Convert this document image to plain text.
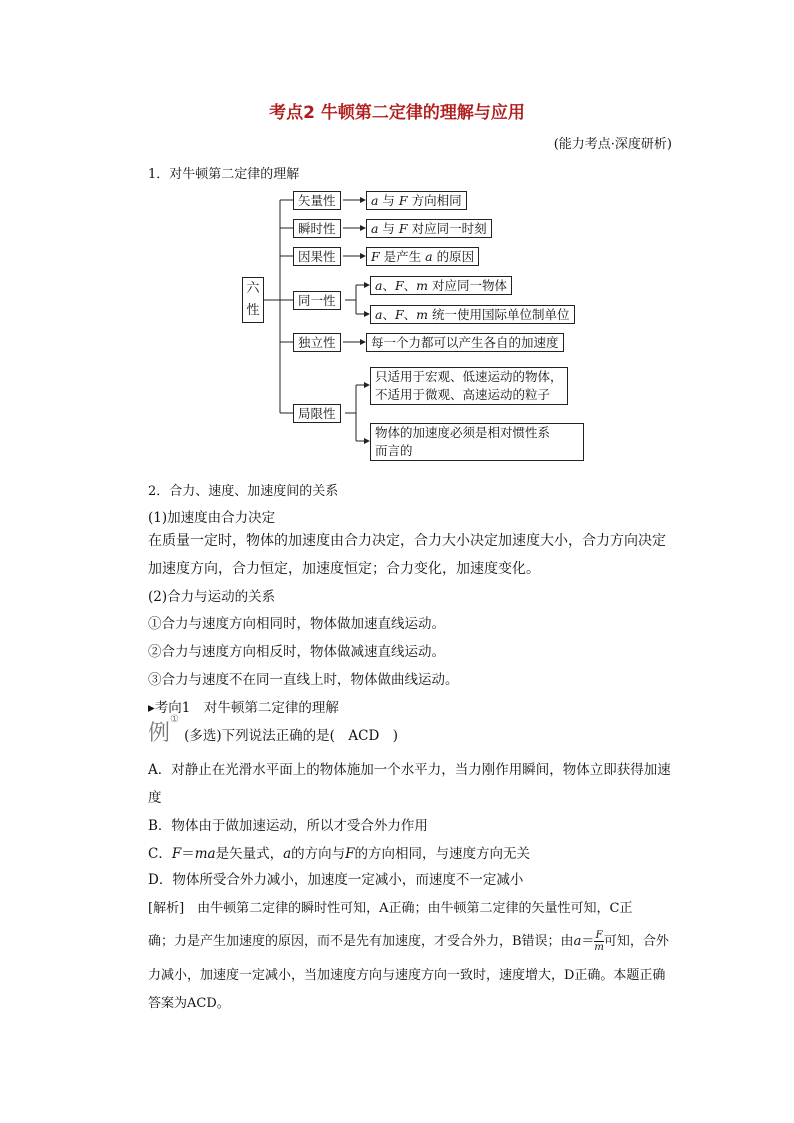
考点2 牛顿第二定律的理解与应用
(能力考点·深度研析)
1．对牛顿第二定律的理解
六
性
矢量性
瞬时性
因果性
同一性
独立性
局限性
a 与 F 方向相同
a 与 F 对应同一时刻
F 是产生 a 的原因
a、F、m 对应同一物体
a、F、m 统一使用国际单位制单位
每一个力都可以产生各自的加速度
只适用于宏观、低速运动的物体，
不适用于微观、高速运动的粒子
物体的加速度必须是相对惯性系
而言的
2．合力、速度、加速度间的关系
(1)加速度由合力决定
在质量一定时，物体的加速度由合力决定，合力大小决定加速度大小，合力方向决定加速度方向，合力恒定，加速度恒定；合力变化，加速度变化。
(2)合力与运动的关系
①合力与速度方向相同时，物体做加速直线运动。
②合力与速度方向相反时，物体做减速直线运动。
③合力与速度不在同一直线上时，物体做曲线运动。
▸考向1　对牛顿第二定律的理解
例① (多选)下列说法正确的是(　ACD　)
A．对静止在光滑水平面上的物体施加一个水平力，当力刚作用瞬间，物体立即获得加速度
B．物体由于做加速运动，所以才受合外力作用
C．F＝ma是矢量式，a的方向与F的方向相同，与速度方向无关
D．物体所受合外力减小，加速度一定减小，而速度不一定减小
[解析]　由牛顿第二定律的瞬时性可知，A正确；由牛顿第二定律的矢量性可知，C正
确；力是产生加速度的原因，而不是先有加速度，才受合外力，B错误；由$a= \frac{F}{m}$ 可知，合外
力减小，加速度一定减小，当加速度方向与速度方向一致时，速度增大，D正确。本题正确
答案为ACD。
